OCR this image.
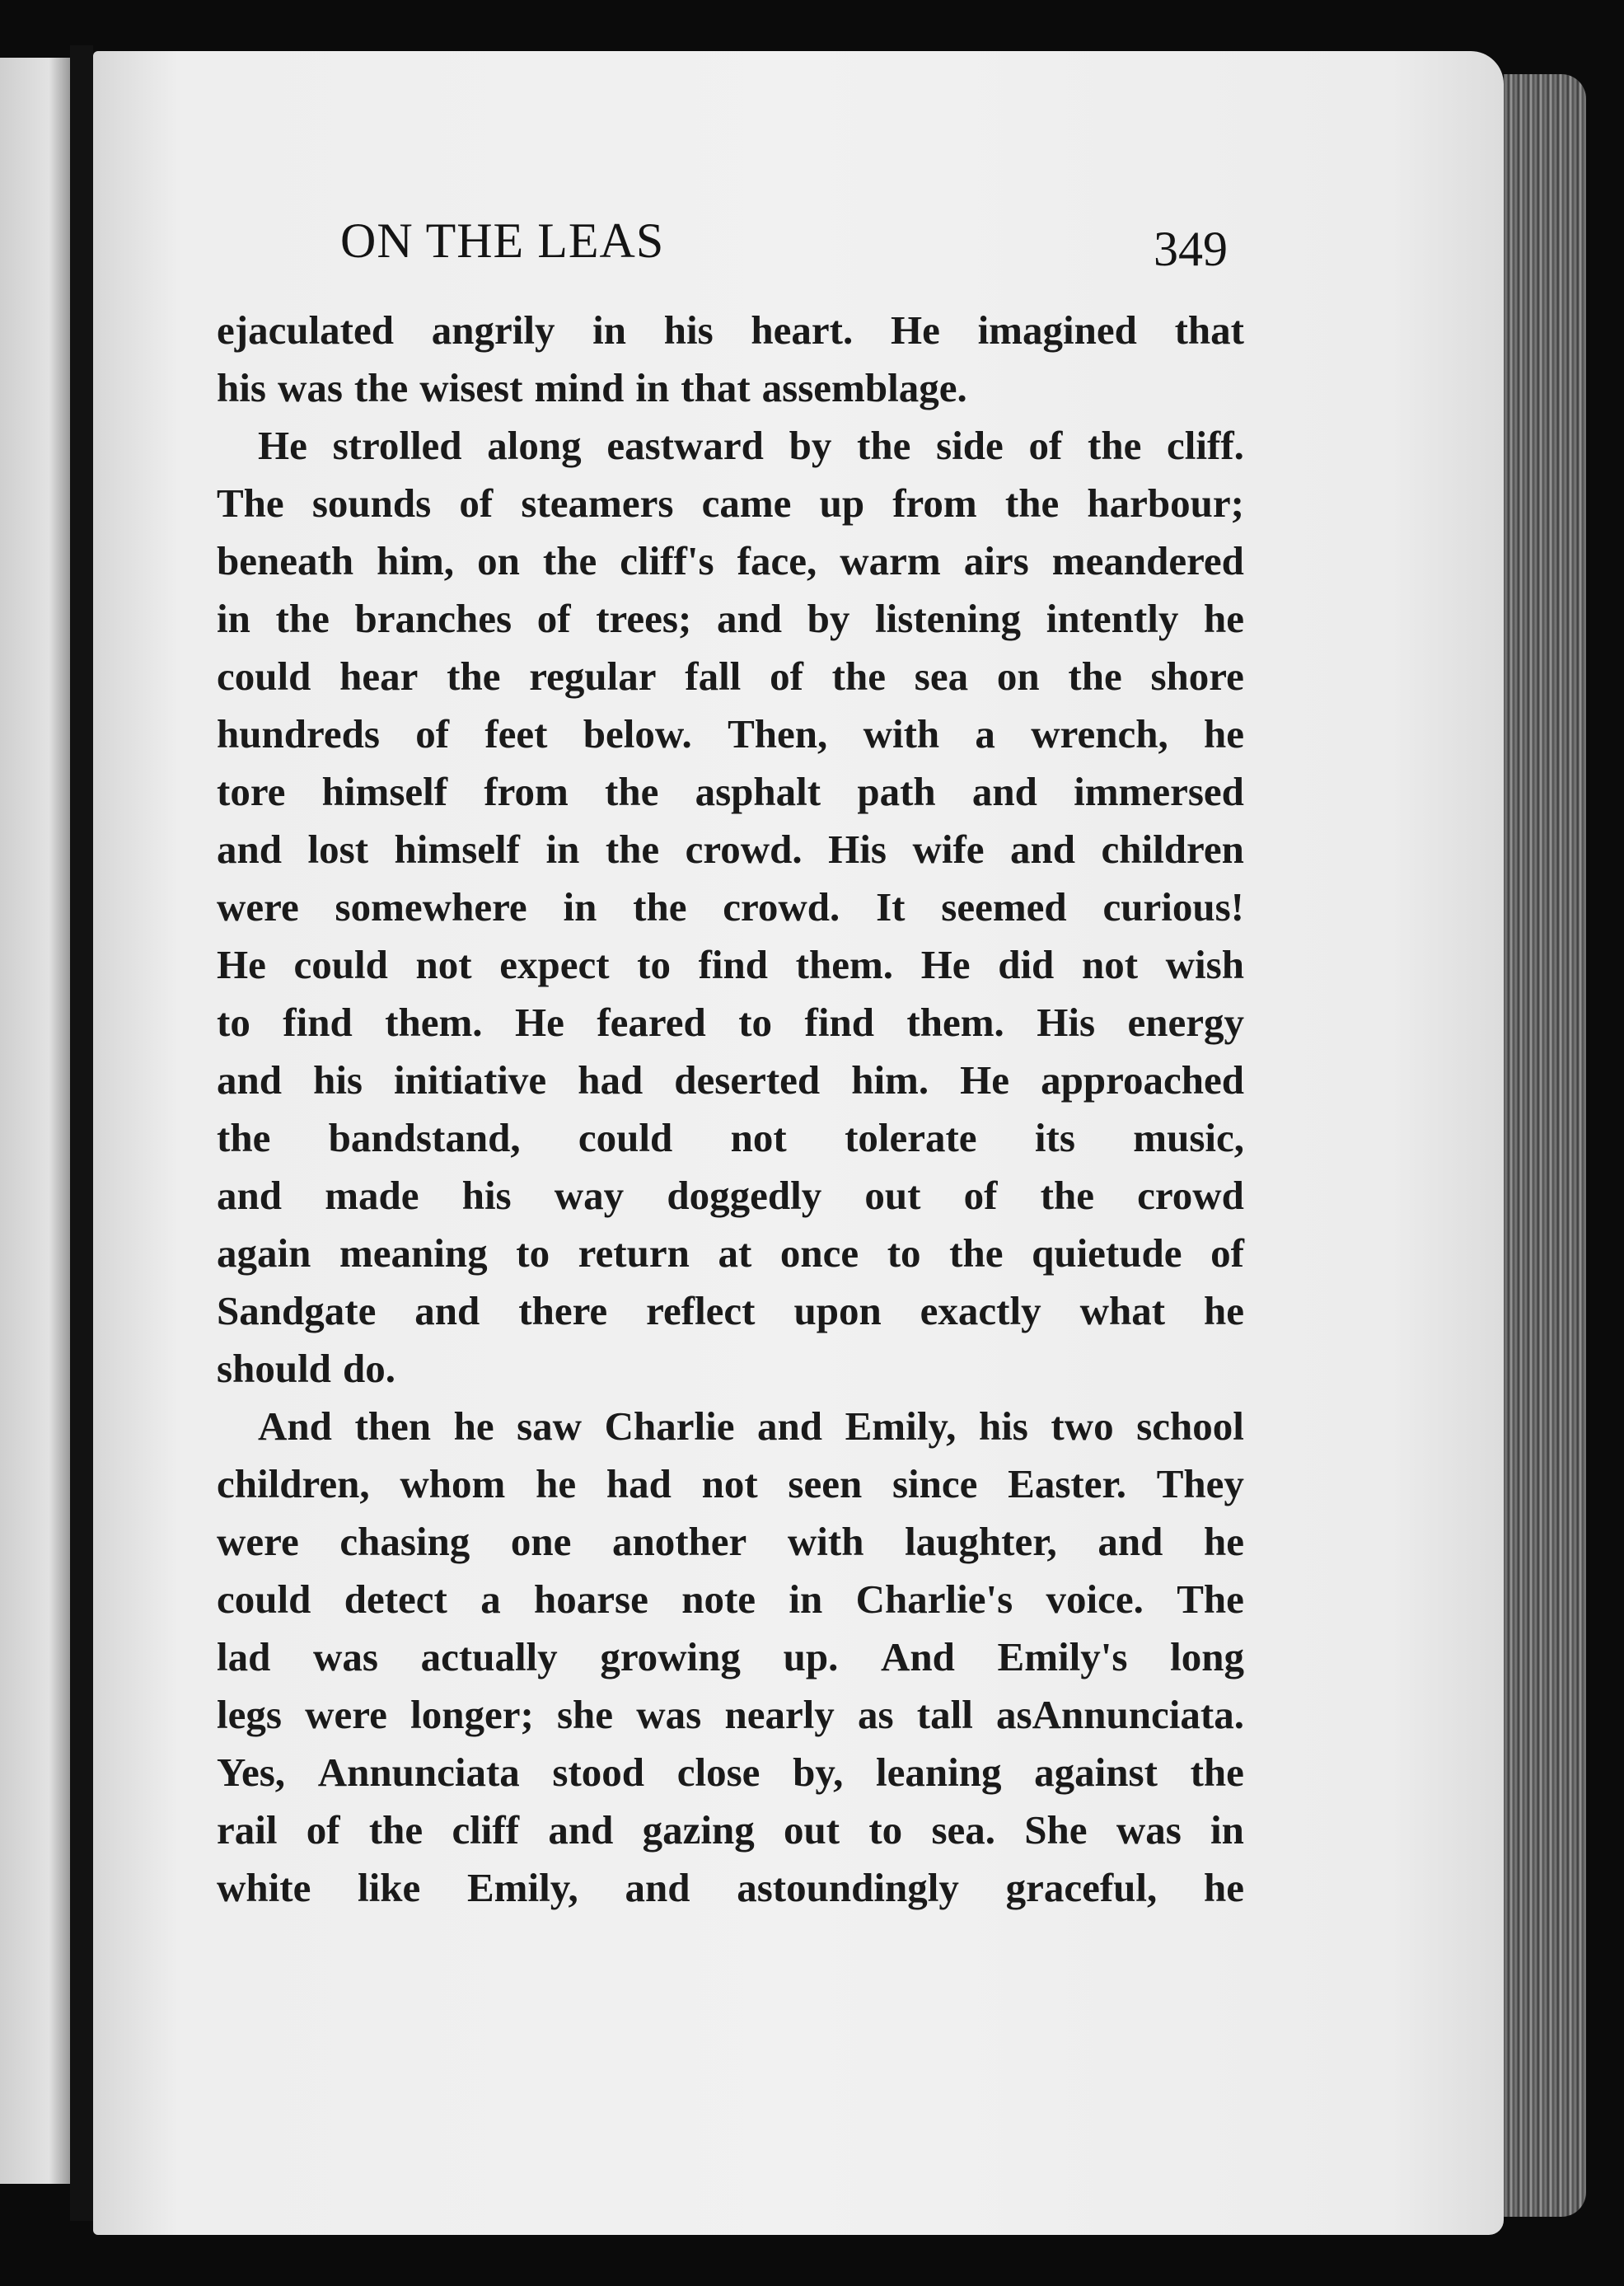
ON THE LEAS	349
ejaculated angrily in his heart. He imagined that
his was the wisest mind in that assemblage.
He strolled along eastward by the side of the cliff.
The sounds of steamers came up from the harbour;
beneath him, on the cliff's face, warm airs meandered
in the branches of trees; and by listening intently he
could hear the regular fall of the sea on the shore
hundreds of feet below. Then, with a wrench, he
tore himself from the asphalt path and immersed
and lost himself in the crowd. His wife and children
were somewhere in the crowd. It seemed curious!
He could not expect to find them. He did not wish
to find them. He feared to find them. His energy
and his initiative had deserted him. He approached
the bandstand, could not tolerate its music,
and made his way doggedly out of the crowd
again meaning to return at once to the quietude of
Sandgate and there reflect upon exactly what he
should do.
And then he saw Charlie and Emily, his two school
children, whom he had not seen since Easter. They
were chasing one another with laughter, and he
could detect a hoarse note in Charlie's voice. The
lad was actually growing up. And Emily's long
legs were longer; she was nearly as tall asAnnunciata.
Yes, Annunciata stood close by, leaning against the
rail of the cliff and gazing out to sea. She was in
white like Emily, and astoundingly graceful, he
